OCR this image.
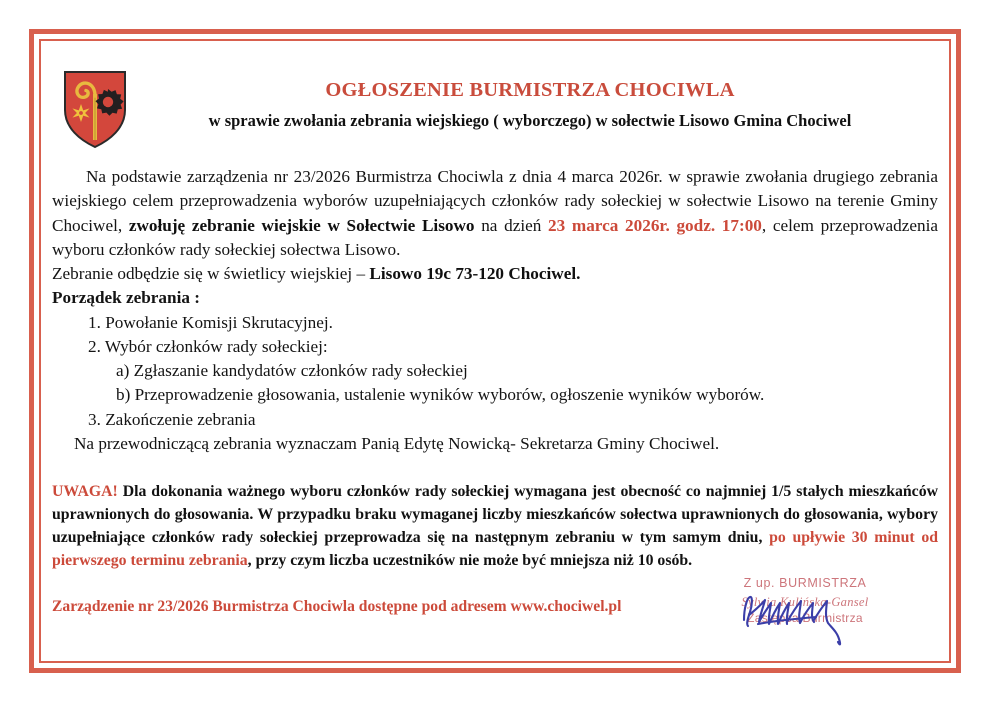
OGŁOSZENIE BURMISTRZA CHOCIWLA
w sprawie zwołania zebrania wiejskiego ( wyborczego) w sołectwie Lisowo Gmina Chociwel

Na podstawie zarządzenia nr 23/2026 Burmistrza Chociwla z dnia 4 marca 2026r. w sprawie zwołania drugiego zebrania wiejskiego celem przeprowadzenia wyborów uzupełniających członków rady sołeckiej w sołectwie Lisowo na terenie Gminy Chociwel, zwołuję zebranie wiejskie w Sołectwie Lisowo na dzień 23 marca 2026r. godz. 17:00, celem przeprowadzenia wyboru członków rady sołeckiej sołectwa Lisowo.

Zebranie odbędzie się w świetlicy wiejskiej – Lisowo 19c 73-120 Chociwel.

Porządek zebrania :

1. Powołanie Komisji Skrutacyjnej.

2. Wybór członków rady sołeckiej:

a) Zgłaszanie kandydatów członków rady sołeckiej

b) Przeprowadzenie głosowania, ustalenie wyników wyborów, ogłoszenie wyników wyborów.

3. Zakończenie zebrania

Na przewodniczącą zebrania wyznaczam Panią Edytę Nowicką- Sekretarza Gminy Chociwel.

UWAGA! Dla dokonania ważnego wyboru członków rady sołeckiej wymagana jest obecność co najmniej 1/5 stałych mieszkańców uprawnionych do głosowania. W przypadku braku wymaganej liczby mieszkańców sołectwa uprawnionych do głosowania, wybory uzupełniające członków rady sołeckiej przeprowadza się na następnym zebraniu w tym samym dniu, po upływie 30 minut od pierwszego terminu zebrania, przy czym liczba uczestników nie może być mniejsza niż 10 osób.
Zarządzenie nr 23/2026 Burmistrza Chociwla dostępne pod adresem www.chociwel.pl
Z up. BURMISTRZA
Sylwia Kulińska-Gansel
Zastępca Burmistrza
